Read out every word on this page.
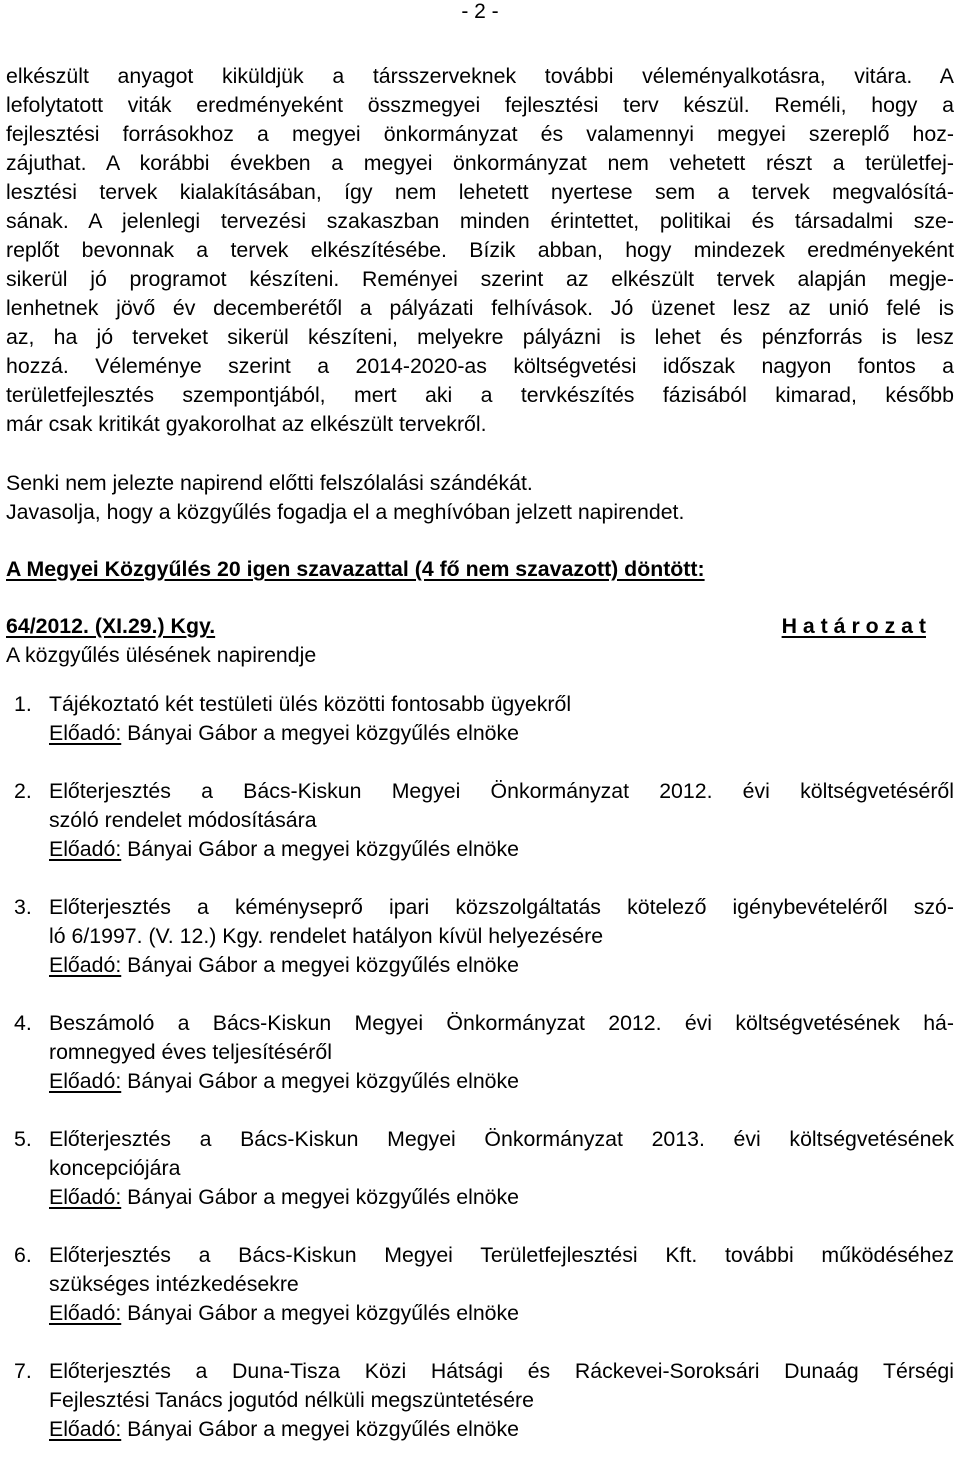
- 2 -
elkészült anyagot kiküldjük a társszerveknek további véleményalkotásra, vitára. A
lefolytatott viták eredményeként összmegyei fejlesztési terv készül. Reméli, hogy a
fejlesztési forrásokhoz a megyei önkormányzat és valamennyi megyei szereplő hoz-
zájuthat. A korábbi években a megyei önkormányzat nem vehetett részt a területfej-
lesztési tervek kialakításában, így nem lehetett nyertese sem a tervek megvalósítá-
sának. A jelenlegi tervezési szakaszban minden érintettet, politikai és társadalmi sze-
replőt bevonnak a tervek elkészítésébe. Bízik abban, hogy mindezek eredményeként
sikerül jó programot készíteni. Reményei szerint az elkészült tervek alapján megje-
lenhetnek jövő év decemberétől a pályázati felhívások. Jó üzenet lesz az unió felé is
az, ha jó terveket sikerül készíteni, melyekre pályázni is lehet és pénzforrás is lesz
hozzá. Véleménye szerint a 2014-2020-as költségvetési időszak nagyon fontos a
területfejlesztés szempontjából, mert aki a tervkészítés fázisából kimarad, később
már csak kritikát gyakorolhat az elkészült tervekről.
Senki nem jelezte napirend előtti felszólalási szándékát.
Javasolja, hogy a közgyűlés fogadja el a meghívóban jelzett napirendet.
A Megyei Közgyűlés 20 igen szavazattal (4 fő nem szavazott) döntött:
64/2012. (XI.29.) Kgy.	H a t á r o z a t
A közgyűlés ülésének napirendje
1. Tájékoztató két testületi ülés közötti fontosabb ügyekről
Előadó: Bányai Gábor a megyei közgyűlés elnöke
2. Előterjesztés a Bács-Kiskun Megyei Önkormányzat 2012. évi költségvetéséről
szóló rendelet módosítására
Előadó: Bányai Gábor a megyei közgyűlés elnöke
3. Előterjesztés a kéményseprő ipari közszolgáltatás kötelező igénybevételéről szó-
ló 6/1997. (V. 12.) Kgy. rendelet hatályon kívül helyezésére
Előadó: Bányai Gábor a megyei közgyűlés elnöke
4. Beszámoló a Bács-Kiskun Megyei Önkormányzat 2012. évi költségvetésének há-
romnegyed éves teljesítéséről
Előadó: Bányai Gábor a megyei közgyűlés elnöke
5. Előterjesztés a Bács-Kiskun Megyei Önkormányzat 2013. évi költségvetésének
koncepciójára
Előadó: Bányai Gábor a megyei közgyűlés elnöke
6. Előterjesztés a Bács-Kiskun Megyei Területfejlesztési Kft. további működéséhez
szükséges intézkedésekre
Előadó: Bányai Gábor a megyei közgyűlés elnöke
7. Előterjesztés a Duna-Tisza Közi Hátsági és Ráckevei-Soroksári Dunaág Térségi
Fejlesztési Tanács jogutód nélküli megszüntetésére
Előadó: Bányai Gábor a megyei közgyűlés elnöke
